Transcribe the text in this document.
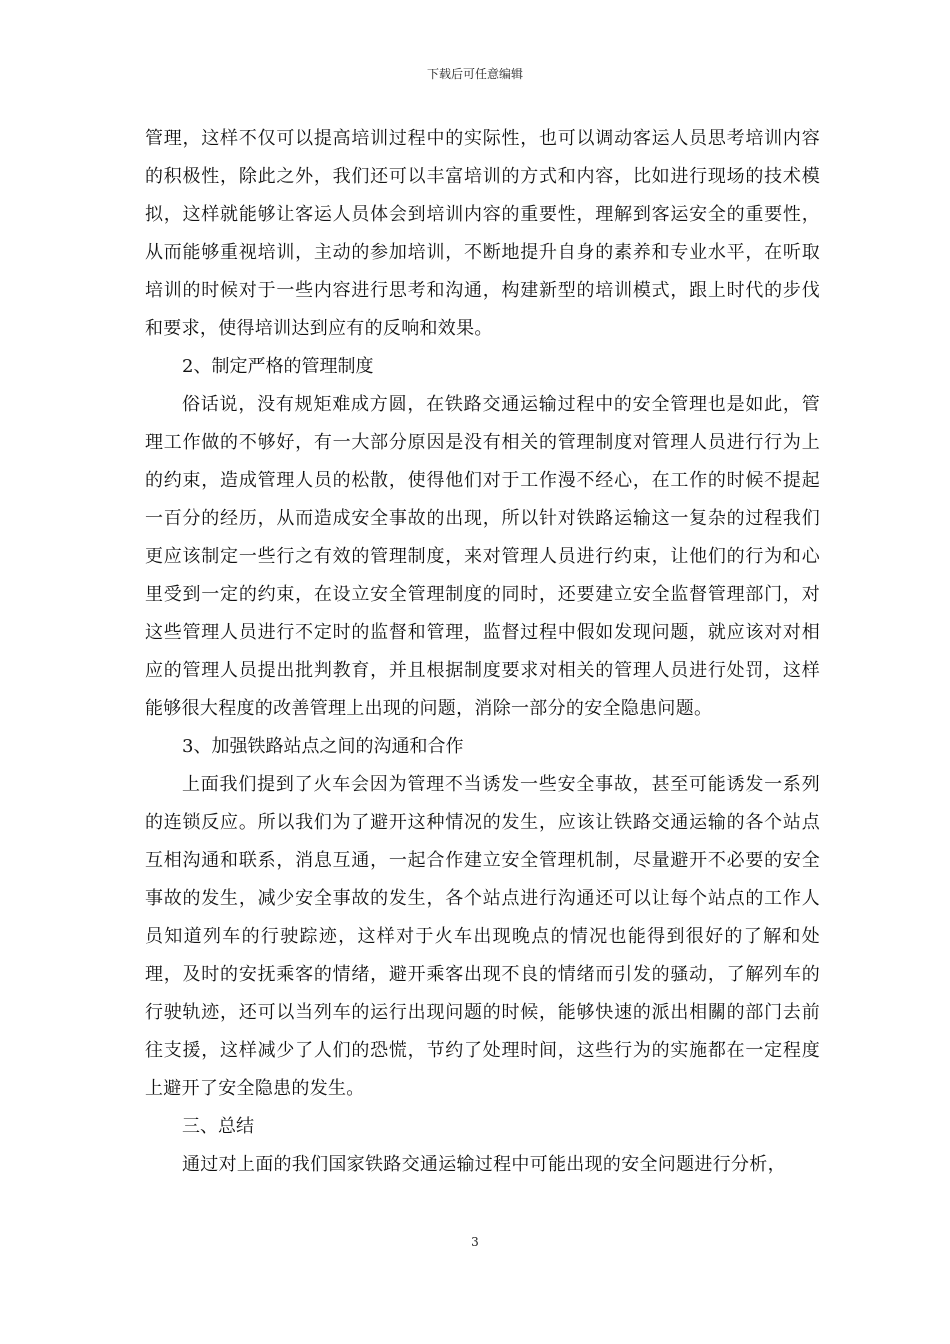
下载后可任意编辑

管理，这样不仅可以提高培训过程中的实际性，也可以调动客运人员思考培训内容的积极性，除此之外，我们还可以丰富培训的方式和内容，比如进行现场的技术模拟，这样就能够让客运人员体会到培训内容的重要性，理解到客运安全的重要性，从而能够重视培训，主动的参加培训，不断地提升自身的素养和专业水平，在听取培训的时候对于一些内容进行思考和沟通，构建新型的培训模式，跟上时代的步伐和要求，使得培训达到应有的反响和效果。

2、制定严格的管理制度

俗话说，没有规矩难成方圆，在铁路交通运输过程中的安全管理也是如此，管理工作做的不够好，有一大部分原因是没有相关的管理制度对管理人员进行行为上的约束，造成管理人员的松散，使得他们对于工作漫不经心，在工作的时候不提起一百分的经历，从而造成安全事故的出现，所以针对铁路运输这一复杂的过程我们更应该制定一些行之有效的管理制度，来对管理人员进行约束，让他们的行为和心里受到一定的约束，在设立安全管理制度的同时，还要建立安全监督管理部门，对这些管理人员进行不定时的监督和管理，监督过程中假如发现问题，就应该对对相应的管理人员提出批判教育，并且根据制度要求对相关的管理人员进行处罚，这样能够很大程度的改善管理上出现的问题，消除一部分的安全隐患问题。

3、加强铁路站点之间的沟通和合作

上面我们提到了火车会因为管理不当诱发一些安全事故，甚至可能诱发一系列的连锁反应。所以我们为了避开这种情况的发生，应该让铁路交通运输的各个站点互相沟通和联系，消息互通，一起合作建立安全管理机制，尽量避开不必要的安全事故的发生，减少安全事故的发生，各个站点进行沟通还可以让每个站点的工作人员知道列车的行驶踪迹，这样对于火车出现晚点的情况也能得到很好的了解和处理，及时的安抚乘客的情绪，避开乘客出现不良的情绪而引发的骚动，了解列车的行驶轨迹，还可以当列车的运行出现问题的时候，能够快速的派出相關的部门去前往支援，这样减少了人们的恐慌，节约了处理时间，这些行为的实施都在一定程度上避开了安全隐患的发生。

三、总结

通过对上面的我们国家铁路交通运输过程中可能出现的安全问题进行分析，

3
